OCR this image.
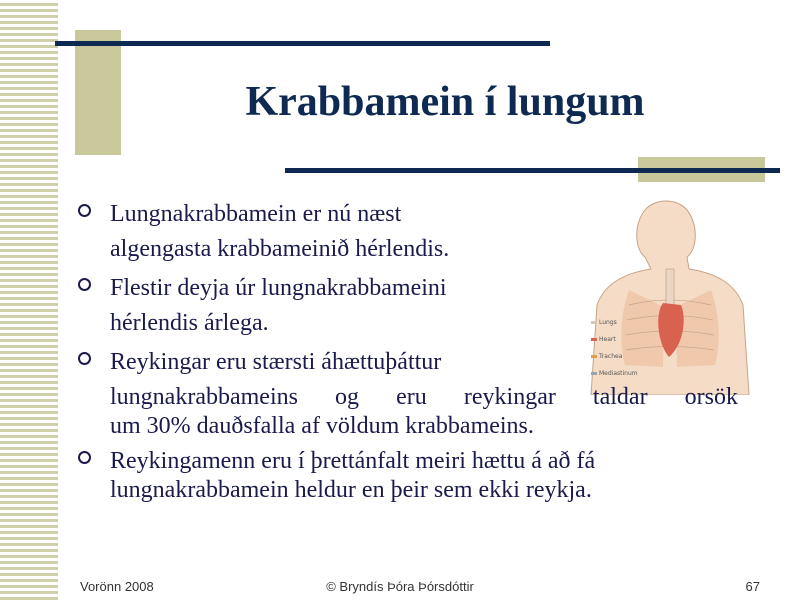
Krabbamein í lungum
Lungs
Heart
Trachea
Mediastinum
Lungnakrabbamein er nú næst
algengasta krabbameinið hérlendis.
Flestir deyja úr lungnakrabbameini
hérlendis árlega.
Reykingar eru stærsti áhættuþáttur
lungnakrabbameins og eru reykingar taldar orsök
um 30% dauðsfalla af völdum krabbameins.
Reykingamenn eru í þrettánfalt meiri hættu á að fá
lungnakrabbamein heldur en þeir sem ekki reykja.
Vorönn 2008	© Bryndís Þóra Þórsdóttir	67
